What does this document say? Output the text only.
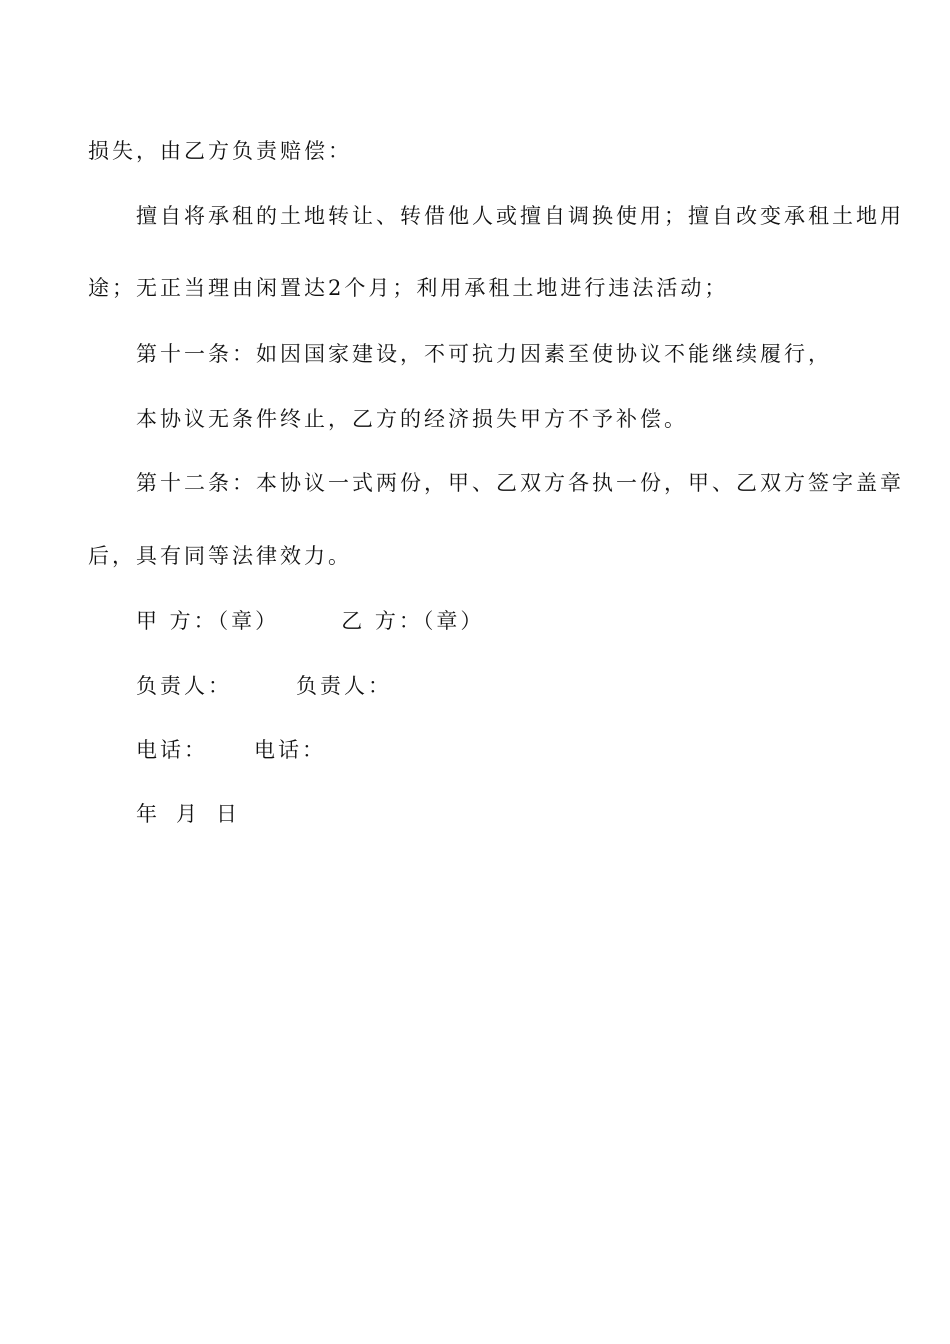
损失，由乙方负责赔偿：

擅自将承租的土地转让、转借他人或擅自调换使用；擅自改变承租土地用

途；无正当理由闲置达2个月；利用承租土地进行违法活动；

第十一条：如因国家建设，不可抗力因素至使协议不能继续履行，

本协议无条件终止，乙方的经济损失甲方不予补偿。

第十二条：本协议一式两份，甲、乙双方各执一份，甲、乙双方签字盖章

后，具有同等法律效力。

甲 方：（章）	乙 方：（章）
负责人：	负责人：
电话： 电话：
年 月 日
